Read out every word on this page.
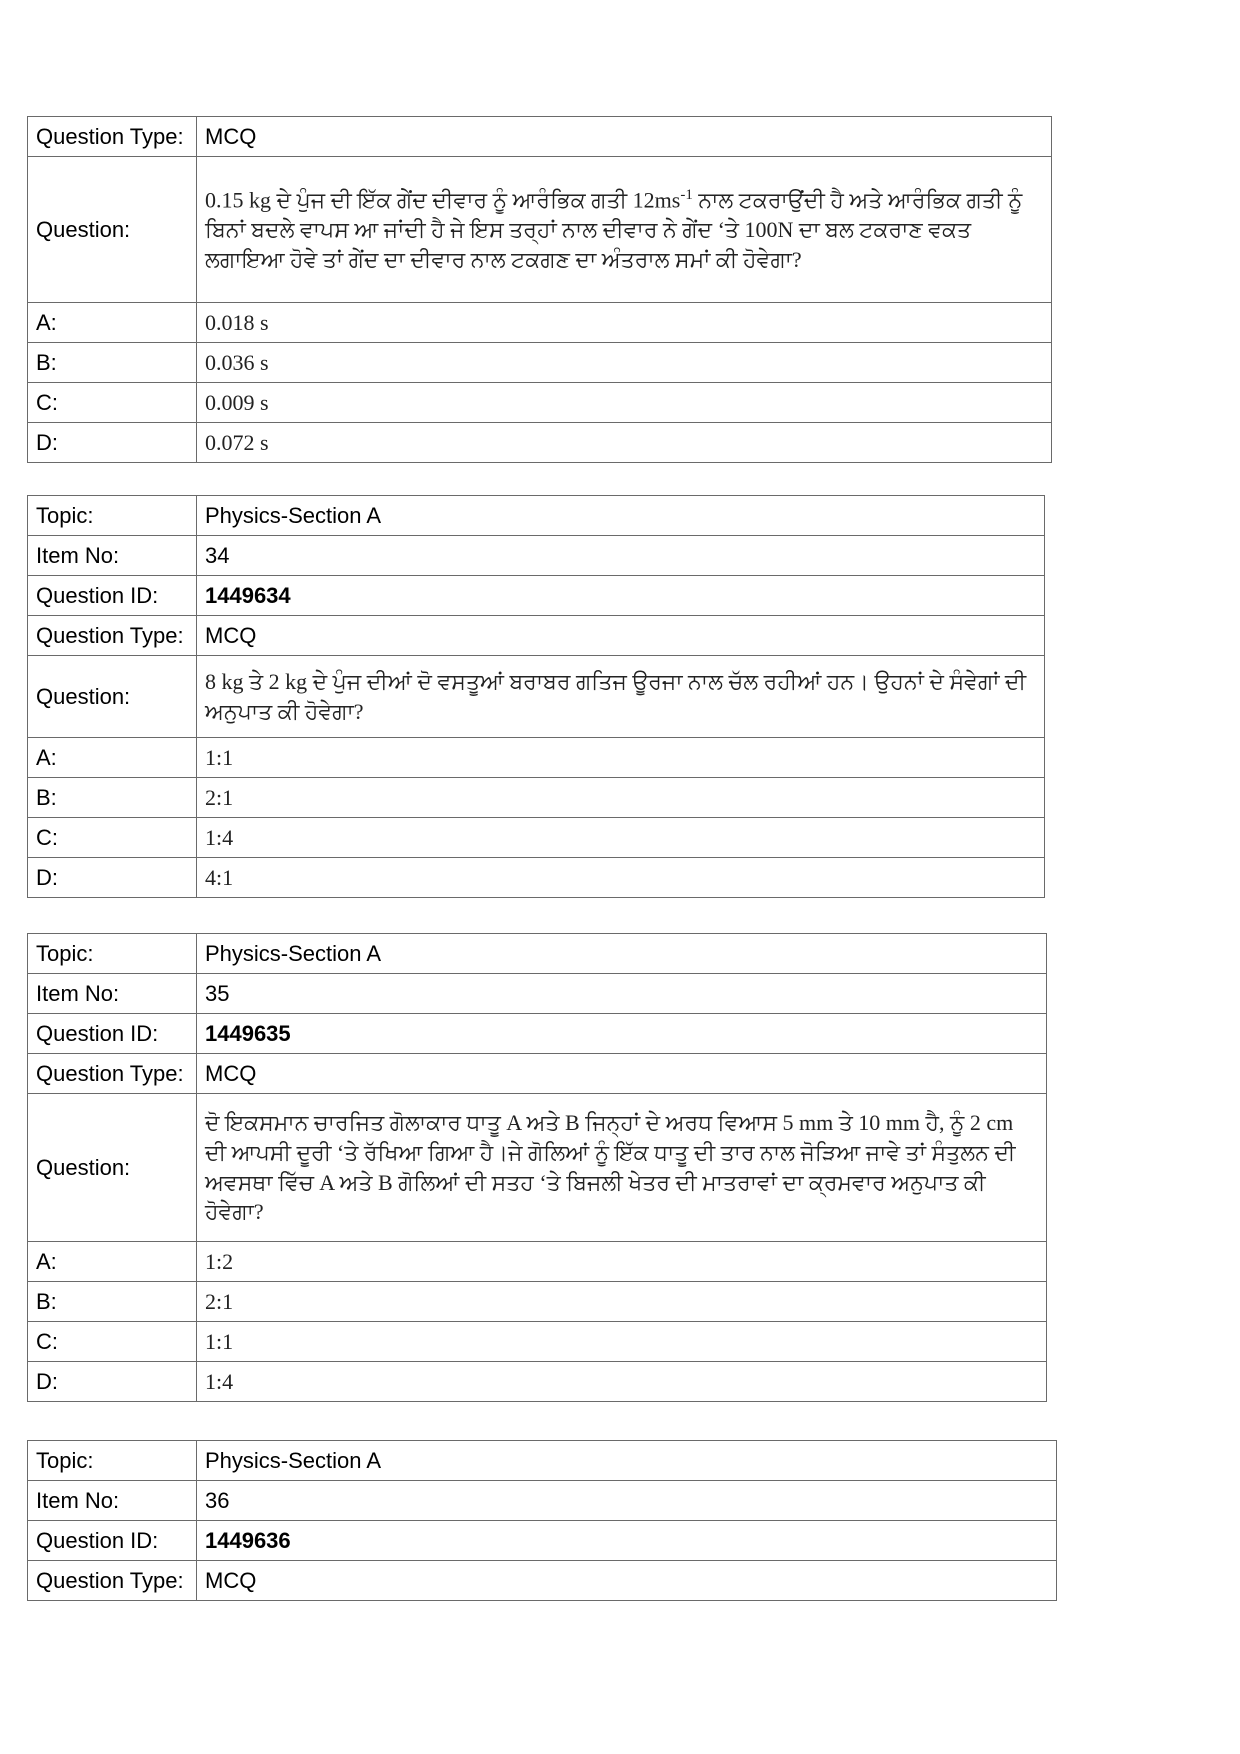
Question Type:	MCQ
Question:	0.15 kg ਦੇ ਪੁੰਜ ਦੀ ਇੱਕ ਗੇਂਦ ਦੀਵਾਰ ਨੂੰ ਆਰੰਭਿਕ ਗਤੀ $12ms^{-1}$ ਨਾਲ ਟਕਰਾਉਂਦੀ ਹੈ ਅਤੇ ਆਰੰਭਿਕ ਗਤੀ ਨੂੰ ਬਿਨਾਂ ਬਦਲੇ ਵਾਪਸ ਆ ਜਾਂਦੀ ਹੈ ਜੇ ਇਸ ਤਰ੍ਹਾਂ ਨਾਲ ਦੀਵਾਰ ਨੇ ਗੇਂਦ ‘ਤੇ 100N ਦਾ ਬਲ ਟਕਰਾਣ ਵਕਤ ਲਗਾਇਆ ਹੋਵੇ ਤਾਂ ਗੇਂਦ ਦਾ ਦੀਵਾਰ ਨਾਲ ਟਕਗਣ ਦਾ ਅੰਤਰਾਲ ਸਮਾਂ ਕੀ ਹੋਵੇਗਾ?
A:	0.018 s
B:	0.036 s
C:	0.009 s
D:	0.072 s
Topic:	Physics-Section A
Item No:	34
Question ID:	1449634
Question Type:	MCQ
Question:	8 kg ਤੇ 2 kg ਦੇ ਪੁੰਜ ਦੀਆਂ ਦੋ ਵਸਤੂਆਂ ਬਰਾਬਰ ਗਤਿਜ ਊਰਜਾ ਨਾਲ ਚੱਲ ਰਹੀਆਂ ਹਨ। ਉਹਨਾਂ ਦੇ ਸੰਵੇਗਾਂ ਦੀ ਅਨੁਪਾਤ ਕੀ ਹੋਵੇਗਾ?
A:	1:1
B:	2:1
C:	1:4
D:	4:1
Topic:	Physics-Section A
Item No:	35
Question ID:	1449635
Question Type:	MCQ
Question:	ਦੋ ਇਕਸਮਾਨ ਚਾਰਜਿਤ ਗੋਲਾਕਾਰ ਧਾਤੂ A ਅਤੇ B ਜਿਨ੍ਹਾਂ ਦੇ ਅਰਧ ਵਿਆਸ 5 mm ਤੇ 10 mm ਹੈ, ਨੂੰ 2 cm ਦੀ ਆਪਸੀ ਦੂਰੀ ‘ਤੇ ਰੱਖਿਆ ਗਿਆ ਹੈ।ਜੇ ਗੋਲਿਆਂ ਨੂੰ ਇੱਕ ਧਾਤੂ ਦੀ ਤਾਰ ਨਾਲ ਜੋੜਿਆ ਜਾਵੇ ਤਾਂ ਸੰਤੁਲਨ ਦੀ ਅਵਸਥਾ ਵਿੱਚ A ਅਤੇ B ਗੋਲਿਆਂ ਦੀ ਸਤਹ ‘ਤੇ ਬਿਜਲੀ ਖੇਤਰ ਦੀ ਮਾਤਰਾਵਾਂ ਦਾ ਕ੍ਰਮਵਾਰ ਅਨੁਪਾਤ ਕੀ ਹੋਵੇਗਾ?
A:	1:2
B:	2:1
C:	1:1
D:	1:4
Topic:	Physics-Section A
Item No:	36
Question ID:	1449636
Question Type:	MCQ
